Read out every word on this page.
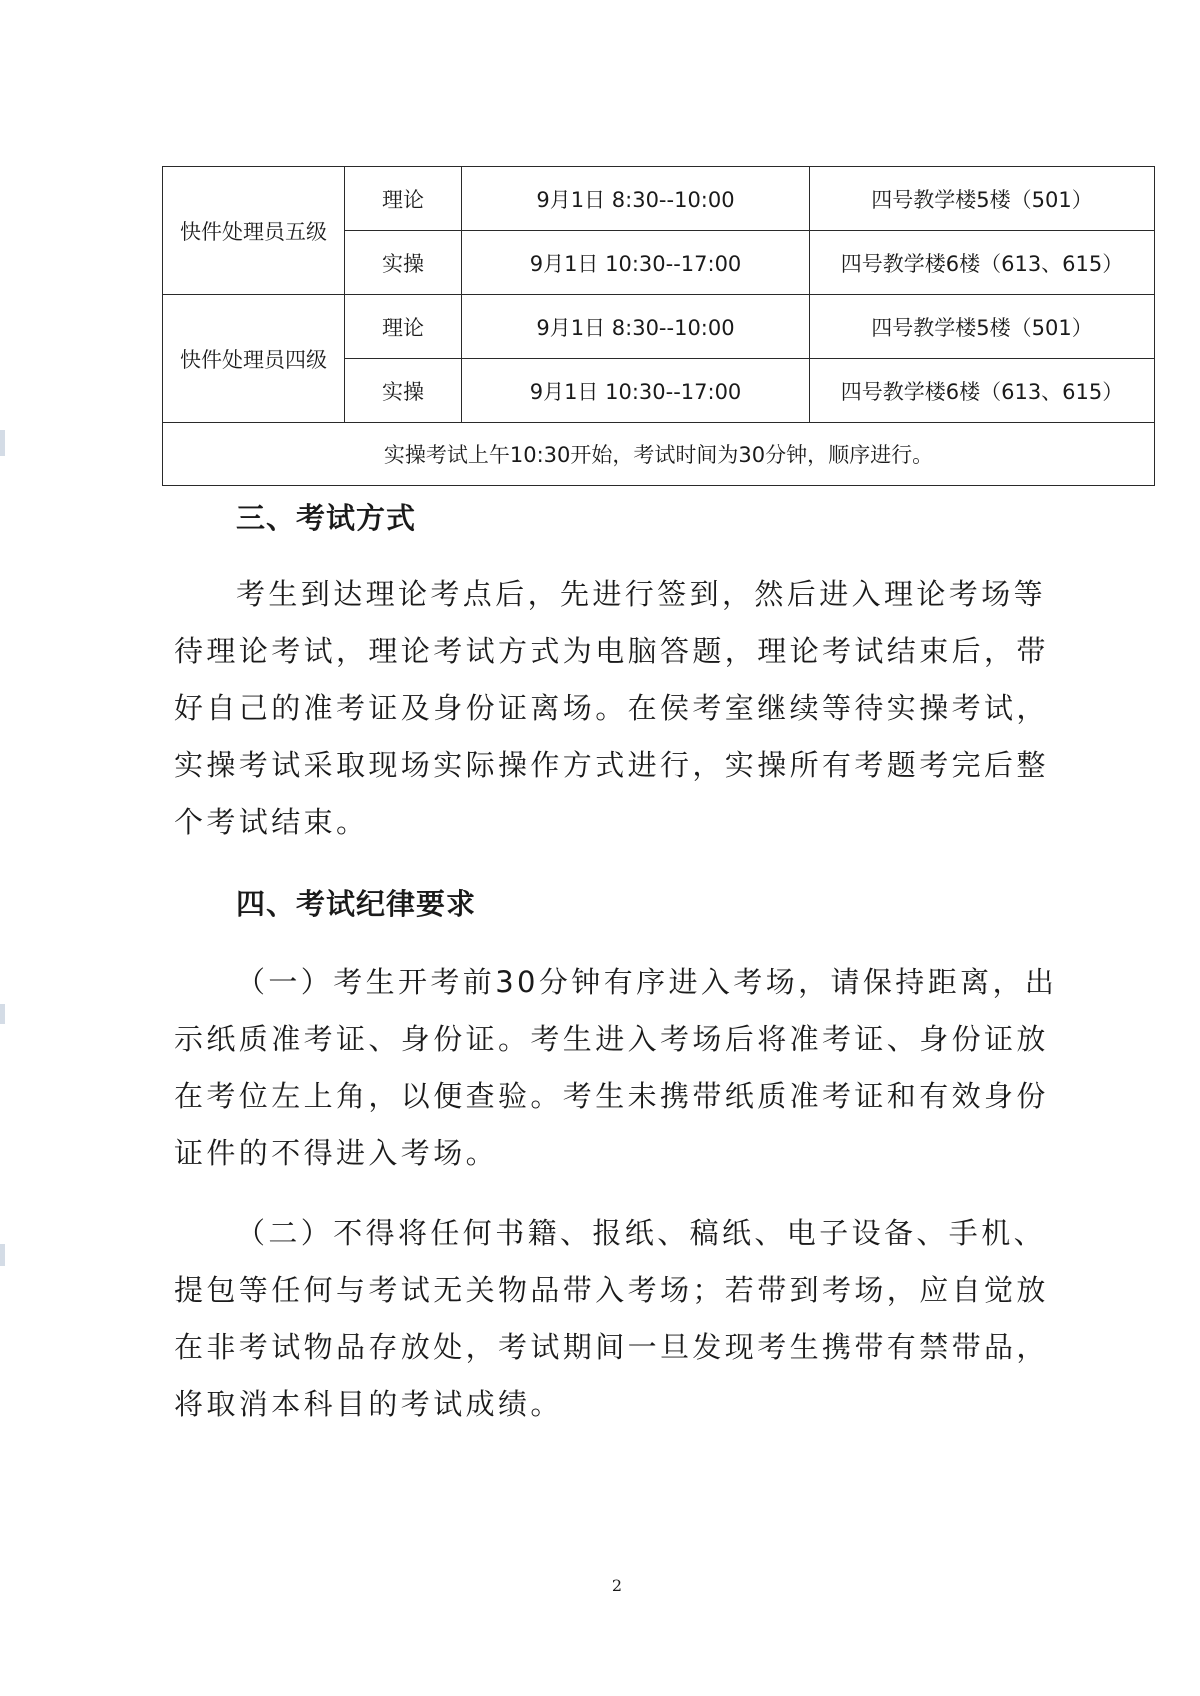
快件处理员五级	理论	9月1日 8:30--10:00	四号教学楼5楼（501）
	实操	9月1日 10:30--17:00	四号教学楼6楼（613、615）
快件处理员四级	理论	9月1日 8:30--10:00	四号教学楼5楼（501）
	实操	9月1日 10:30--17:00	四号教学楼6楼（613、615）
实操考试上午10:30开始，考试时间为30分钟，顺序进行。			
三、考试方式

考生到达理论考点后，先进行签到，然后进入理论考场等待理论考试，理论考试方式为电脑答题，理论考试结束后，带好自己的准考证及身份证离场。在侯考室继续等待实操考试，实操考试采取现场实际操作方式进行，实操所有考题考完后整个考试结束。

四、考试纪律要求

（一）考生开考前30分钟有序进入考场，请保持距离，出示纸质准考证、身份证。考生进入考场后将准考证、身份证放在考位左上角，以便查验。考生未携带纸质准考证和有效身份证件的不得进入考场。

（二）不得将任何书籍、报纸、稿纸、电子设备、手机、提包等任何与考试无关物品带入考场；若带到考场，应自觉放在非考试物品存放处，考试期间一旦发现考生携带有禁带品，将取消本科目的考试成绩。

2
